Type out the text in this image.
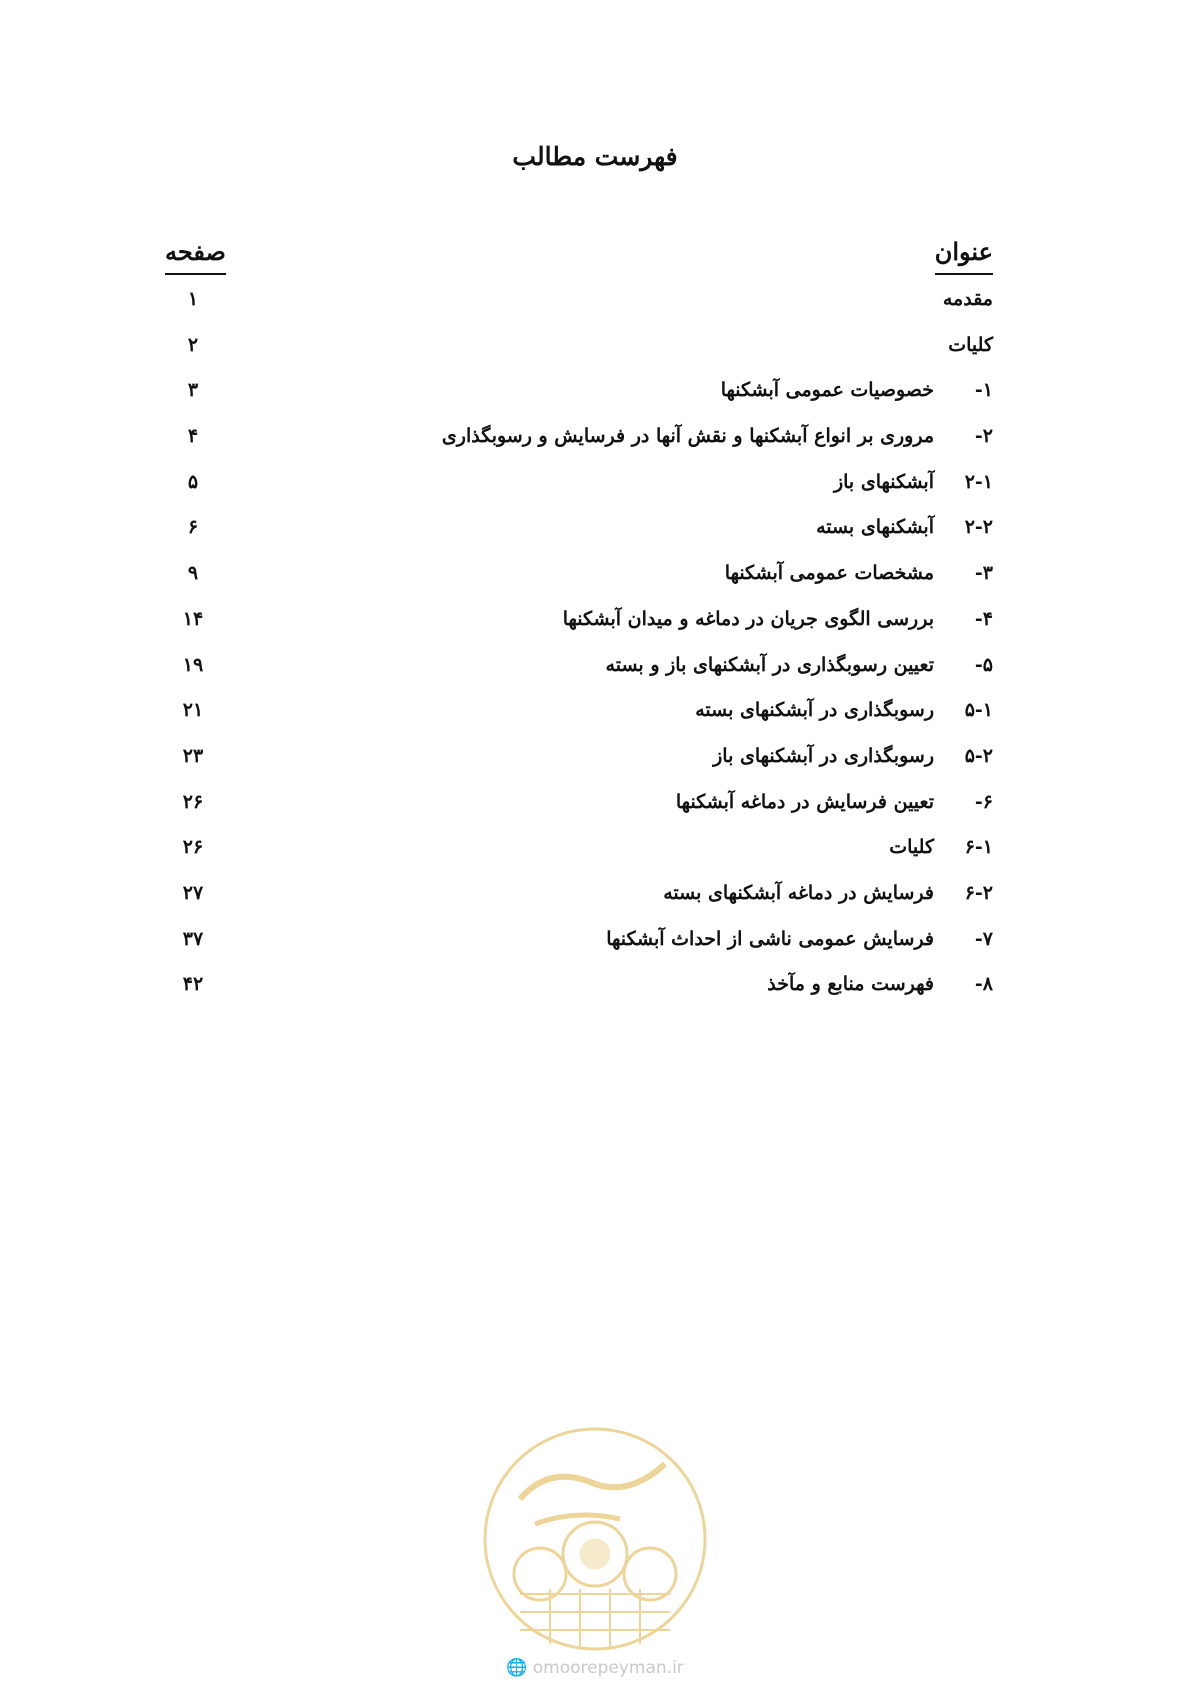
فهرست مطالب
عنوان
صفحه
مقدمه
۱
کلیات
۲
۱-
خصوصیات عمومی آبشکنها
۳
۲-
مروری بر انواع آبشکنها و نقش آنها در فرسایش و رسوبگذاری
۴
۲-۱
آبشکنهای باز
۵
۲-۲
آبشکنهای بسته
۶
۳-
مشخصات عمومی آبشکنها
۹
۴-
بررسی الگوی جریان در دماغه و میدان آبشکنها
۱۴
۵-
تعیین رسوبگذاری در آبشکنهای باز و بسته
۱۹
۵-۱
رسوبگذاری در آبشکنهای بسته
۲۱
۵-۲
رسوبگذاری در آبشکنهای باز
۲۳
۶-
تعیین فرسایش در دماغه آبشکنها
۲۶
۶-۱
کلیات
۲۶
۶-۲
فرسایش در دماغه آبشکنهای بسته
۲۷
۷-
فرسایش عمومی ناشی از احداث آبشکنها
۳۷
۸-
فهرست منابع و مآخذ
۴۲
🌐 omoorepeyman.ir
